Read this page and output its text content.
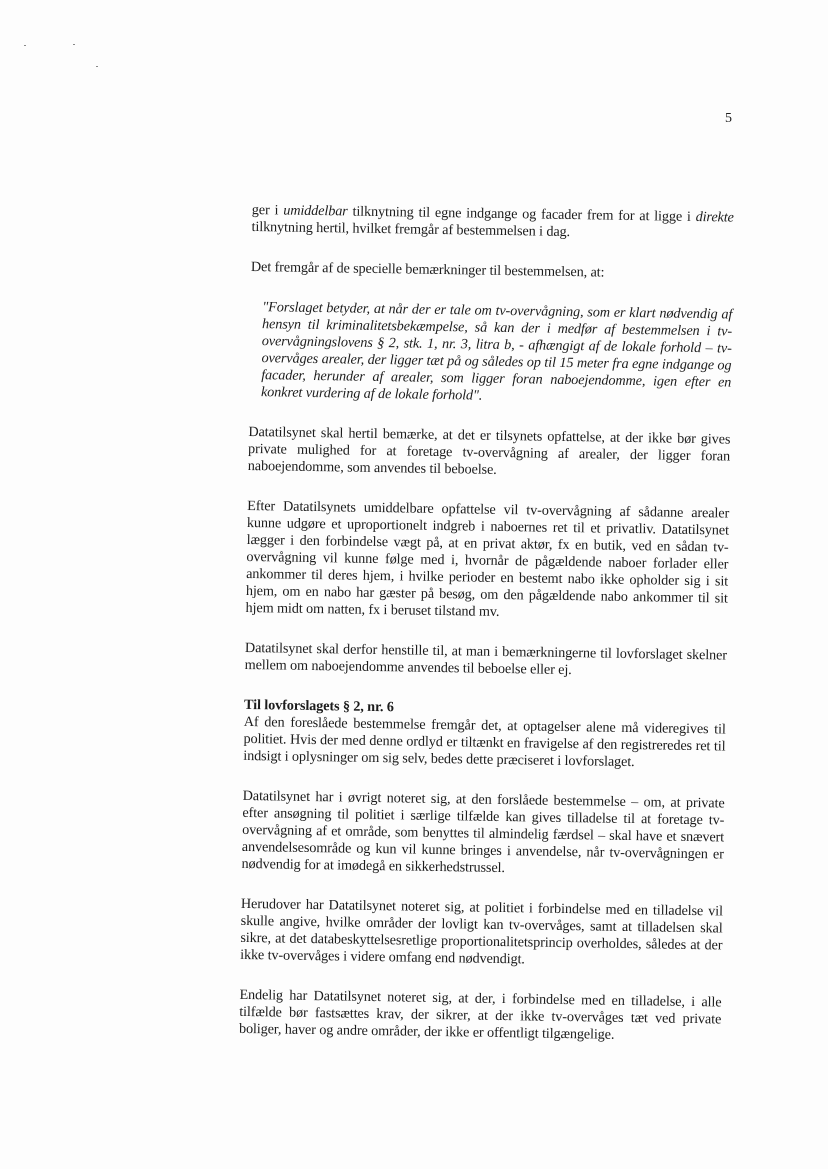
5

ger i umiddelbar tilknytning til egne indgange og facader frem for at ligge i direkte tilknytning hertil, hvilket fremgår af bestemmelsen i dag.

Det fremgår af de specielle bemærkninger til bestemmelsen, at:

"Forslaget betyder, at når der er tale om tv-overvågning, som er klart nødvendig af hensyn til kriminalitetsbekæmpelse, så kan der i medfør af bestemmelsen i tv-overvågningslovens § 2, stk. 1, nr. 3, litra b, - afhængigt af de lokale forhold – tv-overvåges arealer, der ligger tæt på og således op til 15 meter fra egne indgange og facader, herunder af arealer, som ligger foran naboejendomme, igen efter en konkret vurdering af de lokale forhold".

Datatilsynet skal hertil bemærke, at det er tilsynets opfattelse, at der ikke bør gives private mulighed for at foretage tv-overvågning af arealer, der ligger foran naboejendomme, som anvendes til beboelse.

Efter Datatilsynets umiddelbare opfattelse vil tv-overvågning af sådanne arealer kunne udgøre et uproportionelt indgreb i naboernes ret til et privatliv. Datatilsynet lægger i den forbindelse vægt på, at en privat aktør, fx en butik, ved en sådan tv-overvågning vil kunne følge med i, hvornår de pågældende naboer forlader eller ankommer til deres hjem, i hvilke perioder en bestemt nabo ikke opholder sig i sit hjem, om en nabo har gæster på besøg, om den pågældende nabo ankommer til sit hjem midt om natten, fx i beruset tilstand mv.

Datatilsynet skal derfor henstille til, at man i bemærkningerne til lovforslaget skelner mellem om naboejendomme anvendes til beboelse eller ej.

Til lovforslagets § 2, nr. 6

Af den foreslåede bestemmelse fremgår det, at optagelser alene må videregives til politiet. Hvis der med denne ordlyd er tiltænkt en fravigelse af den registreredes ret til indsigt i oplysninger om sig selv, bedes dette præciseret i lovforslaget.

Datatilsynet har i øvrigt noteret sig, at den forslåede bestemmelse – om, at private efter ansøgning til politiet i særlige tilfælde kan gives tilladelse til at foretage tv-overvågning af et område, som benyttes til almindelig færdsel – skal have et snævert anvendelsesområde og kun vil kunne bringes i anvendelse, når tv-overvågningen er nødvendig for at imødegå en sikkerhedstrussel.

Herudover har Datatilsynet noteret sig, at politiet i forbindelse med en tilladelse vil skulle angive, hvilke områder der lovligt kan tv-overvåges, samt at tilladelsen skal sikre, at det databeskyttelsesretlige proportionalitetsprincip overholdes, således at der ikke tv-overvåges i videre omfang end nødvendigt.

Endelig har Datatilsynet noteret sig, at der, i forbindelse med en tilladelse, i alle tilfælde bør fastsættes krav, der sikrer, at der ikke tv-overvåges tæt ved private boliger, haver og andre områder, der ikke er offentligt tilgængelige.
